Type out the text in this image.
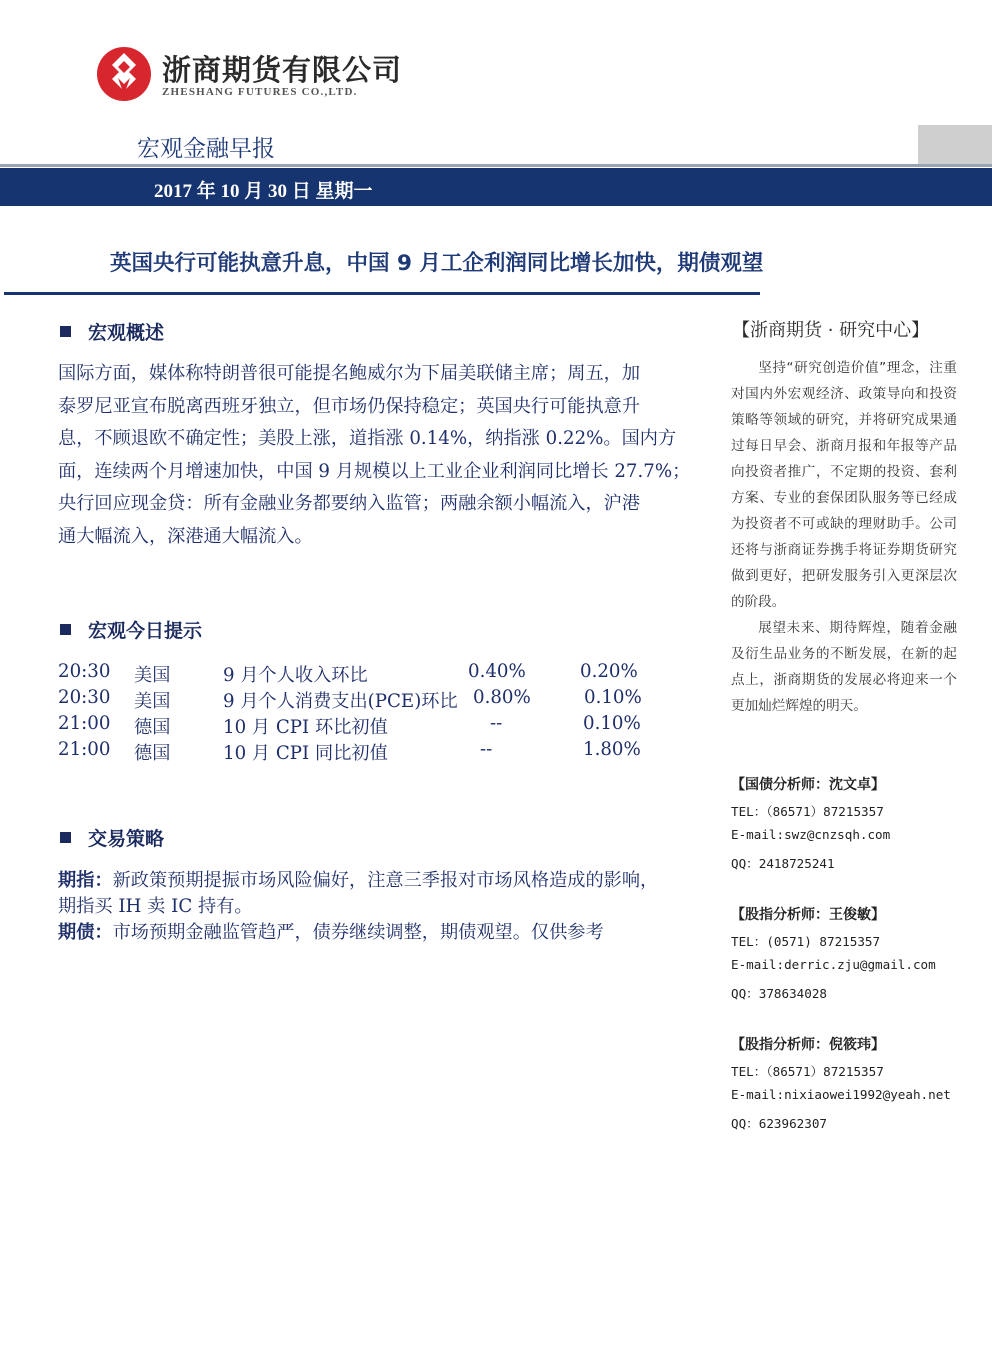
浙商期货有限公司
ZHESHANG FUTURES CO.,LTD.
宏观金融早报
2017 年 10 月 30 日 星期一
英国央行可能执意升息，中国 9 月工企利润同比增长加快，期债观望
宏观概述
国际方面，媒体称特朗普很可能提名鲍威尔为下届美联储主席；周五，加
泰罗尼亚宣布脱离西班牙独立，但市场仍保持稳定；英国央行可能执意升
息，不顾退欧不确定性；美股上涨，道指涨 0.14%，纳指涨 0.22%。国内方
面，连续两个月增速加快，中国 9 月规模以上工业企业利润同比增长 27.7%；
央行回应现金贷：所有金融业务都要纳入监管；两融余额小幅流入，沪港
通大幅流入，深港通大幅流入。
宏观今日提示
20:30 美国	9 月个人收入环比	0.40%	0.20%
20:30 美国	9 月个人消费支出(PCE)环比 0.80%	0.10%
21:00 德国	10 月 CPI 环比初值	--	0.10%
21:00 德国	10 月 CPI 同比初值	--	1.80%
交易策略
期指：新政策预期提振市场风险偏好，注意三季报对市场风格造成的影响，
期指买 IH 卖 IC 持有。
期债：市场预期金融监管趋严，债券继续调整，期债观望。仅供参考
【浙商期货 · 研究中心】
坚持“研究创造价值”理念，注重对国内外宏观经济、政策导向和投资策略等领域的研究，并将研究成果通过每日早会、浙商月报和年报等产品向投资者推广，不定期的投资、套利方案、专业的套保团队服务等已经成为投资者不可或缺的理财助手。公司还将与浙商证券携手将证券期货研究做到更好，把研发服务引入更深层次的阶段。
展望未来、期待辉煌，随着金融及衍生品业务的不断发展，在新的起点上，浙商期货的发展必将迎来一个更加灿烂辉煌的明天。
【国债分析师：沈文卓】
TEL：（86571）87215357
E-mail:swz@cnzsqh.com
QQ：2418725241
【股指分析师：王俊敏】
TEL：(0571) 87215357
E-mail:derric.zju@gmail.com
QQ：378634028
【股指分析师：倪筱玮】
TEL：（86571）87215357
E-mail:nixiaowei1992@yeah.net
QQ：623962307
